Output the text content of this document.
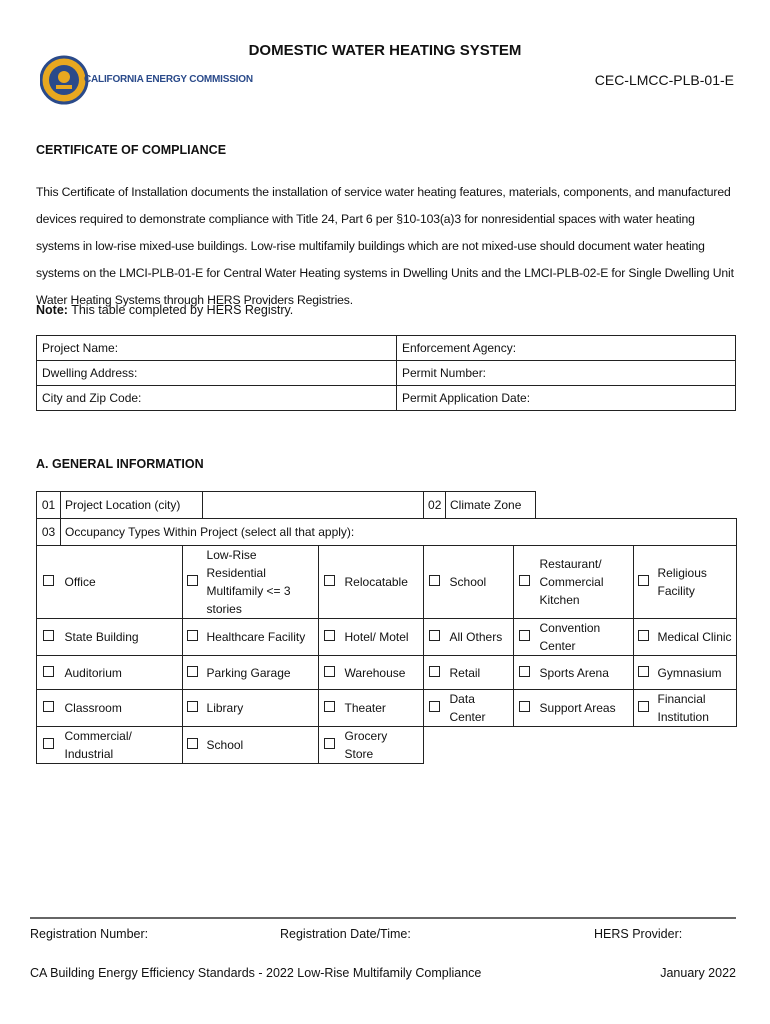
CALIFORNIA ENERGY COMMISSION
DOMESTIC WATER HEATING SYSTEM
CEC-LMCC-PLB-01-E
CERTIFICATE OF COMPLIANCE
This Certificate of Installation documents the installation of service water heating features, materials, components, and manufactured devices required to demonstrate compliance with Title 24, Part 6 per §10-103(a)3 for nonresidential spaces with water heating systems in low-rise mixed-use buildings. Low-rise multifamily buildings which are not mixed-use should document water heating systems on the LMCI-PLB-01-E for Central Water Heating systems in Dwelling Units and the LMCI-PLB-02-E for Single Dwelling Unit Water Heating Systems through HERS Providers Registries.
Note: This table completed by HERS Registry.
Project Name:	Enforcement Agency:
Dwelling Address:	Permit Number:
City and Zip Code:	Permit Application Date:
A. GENERAL INFORMATION
01	Project Location (city)					02	Climate Zone				
03	Occupancy Types Within Project (select all that apply):										
	Office		Low-Rise Residential Multifamily <= 3 stories		Relocatable		School		Restaurant/ Commercial Kitchen		Religious Facility
	State Building		Healthcare Facility		Hotel/ Motel		All Others		Convention Center		Medical Clinic
	Auditorium		Parking Garage		Warehouse		Retail		Sports Arena		Gymnasium
	Classroom		Library		Theater		Data Center		Support Areas		Financial Institution
	Commercial/ Industrial		School		Grocery Store						
Registration Number:	Registration Date/Time:	HERS Provider:
CA Building Energy Efficiency Standards - 2022 Low-Rise Multifamily Compliance	January 2022
